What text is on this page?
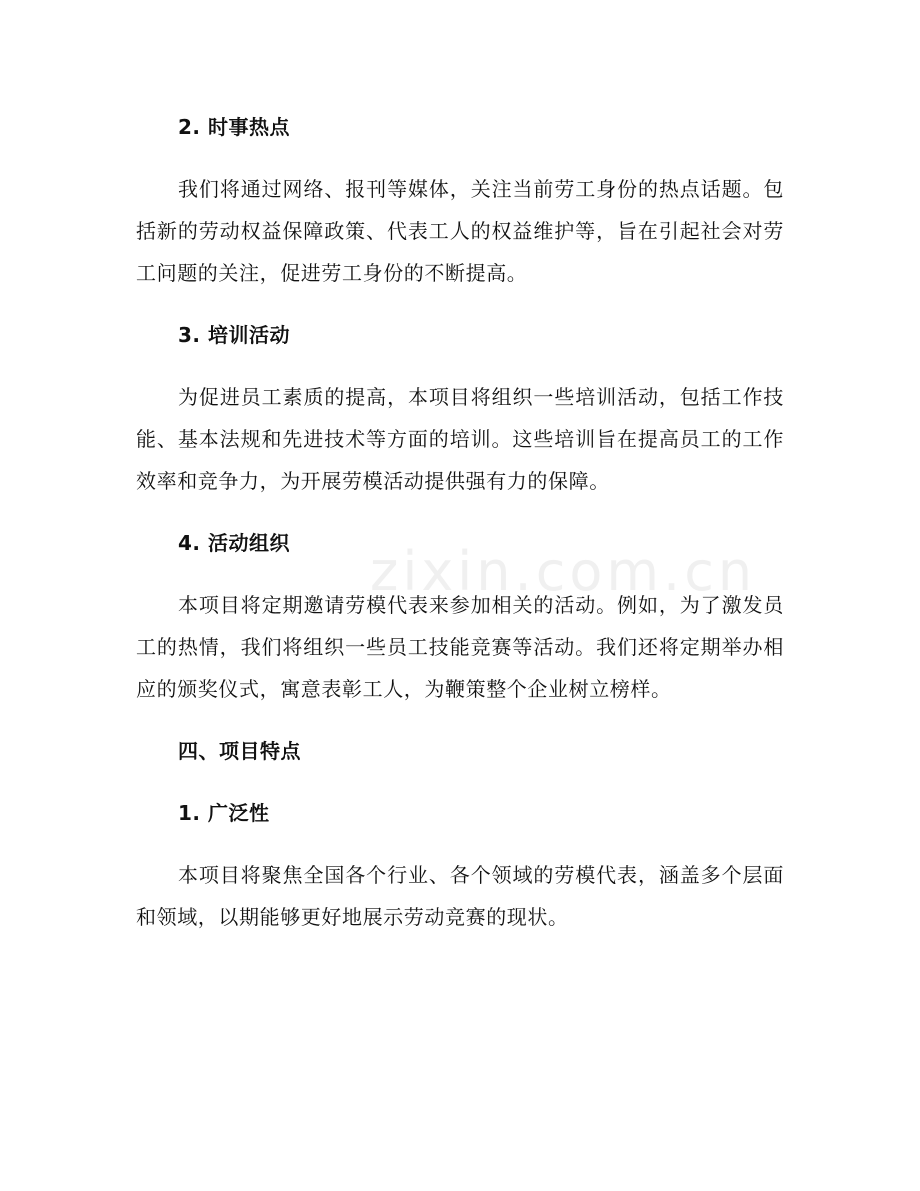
zixin.com.cn
2. 时事热点

我们将通过网络、报刊等媒体，关注当前劳工身份的热点话题。包括新的劳动权益保障政策、代表工人的权益维护等，旨在引起社会对劳工问题的关注，促进劳工身份的不断提高。

3. 培训活动

为促进员工素质的提高，本项目将组织一些培训活动，包括工作技能、基本法规和先进技术等方面的培训。这些培训旨在提高员工的工作效率和竞争力，为开展劳模活动提供强有力的保障。

4. 活动组织

本项目将定期邀请劳模代表来参加相关的活动。例如，为了激发员工的热情，我们将组织一些员工技能竞赛等活动。我们还将定期举办相应的颁奖仪式，寓意表彰工人，为鞭策整个企业树立榜样。

四、项目特点
1. 广泛性

本项目将聚焦全国各个行业、各个领域的劳模代表，涵盖多个层面和领域，以期能够更好地展示劳动竞赛的现状。
